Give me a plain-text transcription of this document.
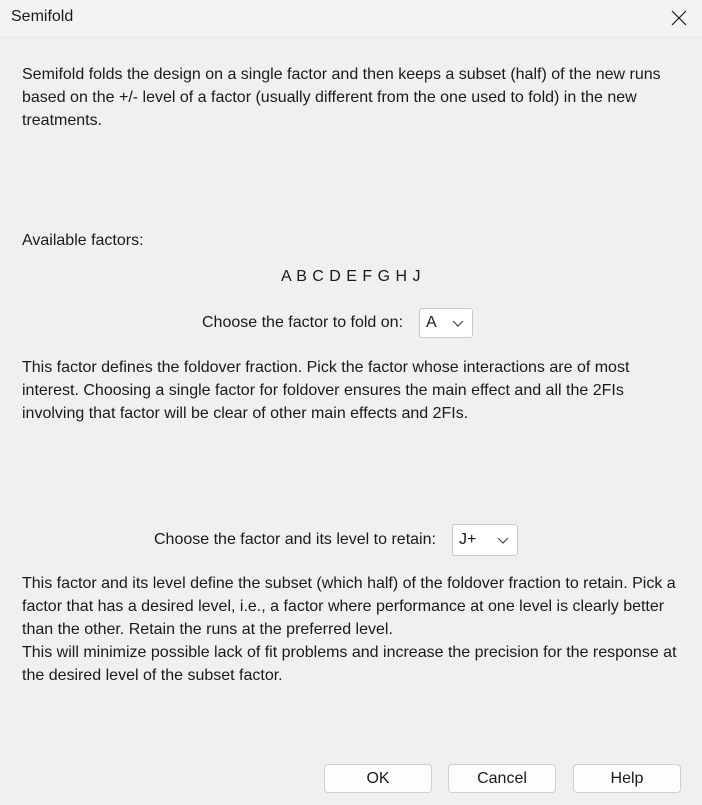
Semifold
Semifold folds the design on a single factor and then keeps a subset (half) of the new runs based on the +/- level of a factor (usually different from the one used to fold) in the new treatments.
Available factors:
A B C D E F G H J
Choose the factor to fold on: A
This factor defines the foldover fraction. Pick the factor whose interactions are of most interest. Choosing a single factor for foldover ensures the main effect and all the 2FIs involving that factor will be clear of other main effects and 2FIs.
Choose the factor and its level to retain: J+
This factor and its level define the subset (which half) of the foldover fraction to retain. Pick a factor that has a desired level, i.e., a factor where performance at one level is clearly better than the other. Retain the runs at the preferred level.
This will minimize possible lack of fit problems and increase the precision for the response at the desired level of the subset factor.
OK	Cancel	Help
